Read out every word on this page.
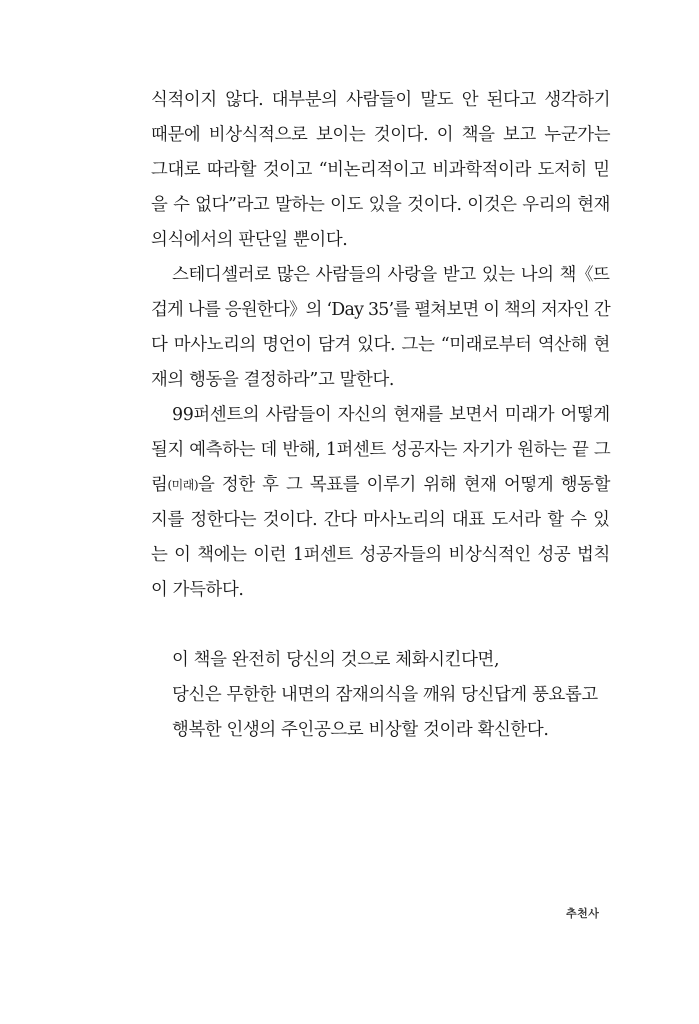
식적이지 않다. 대부분의 사람들이 말도 안 된다고 생각하기

때문에 비상식적으로 보이는 것이다. 이 책을 보고 누군가는

그대로 따라할 것이고 “비논리적이고 비과학적이라 도저히 믿

을 수 없다”라고 말하는 이도 있을 것이다. 이것은 우리의 현재

의식에서의 판단일 뿐이다.

스테디셀러로 많은 사람들의 사랑을 받고 있는 나의 책《뜨

겁게 나를 응원한다》의 ‘Day 35’를 펼쳐보면 이 책의 저자인 간

다 마사노리의 명언이 담겨 있다. 그는 “미래로부터 역산해 현

재의 행동을 결정하라”고 말한다.

99퍼센트의 사람들이 자신의 현재를 보면서 미래가 어떻게

될지 예측하는 데 반해, 1퍼센트 성공자는 자기가 원하는 끝 그

림(미래)을 정한 후 그 목표를 이루기 위해 현재 어떻게 행동할

지를 정한다는 것이다. 간다 마사노리의 대표 도서라 할 수 있

는 이 책에는 이런 1퍼센트 성공자들의 비상식적인 성공 법칙

이 가득하다.

이 책을 완전히 당신의 것으로 체화시킨다면,

당신은 무한한 내면의 잠재의식을 깨워 당신답게 풍요롭고

행복한 인생의 주인공으로 비상할 것이라 확신한다.

추천사
